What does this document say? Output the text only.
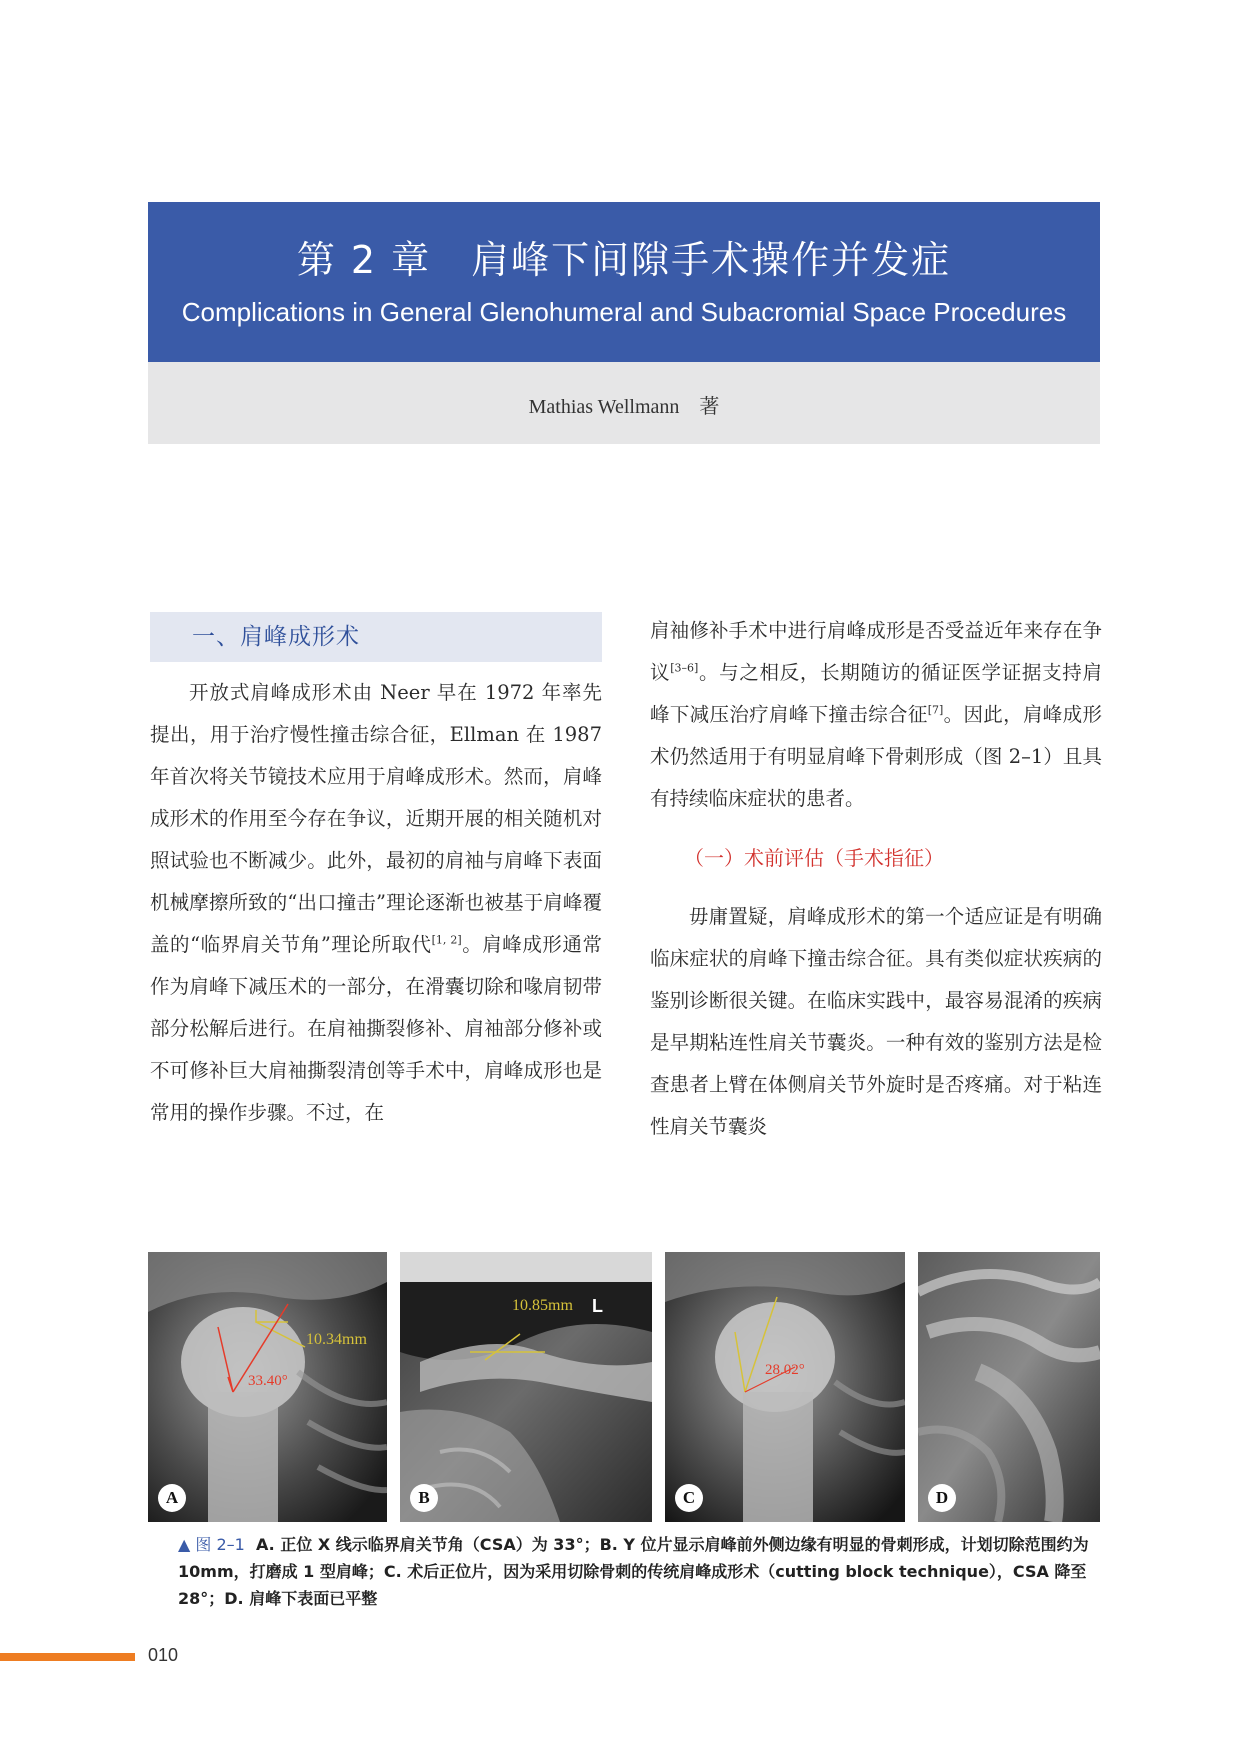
第 2 章　肩峰下间隙手术操作并发症
Complications in General Glenohumeral and Subacromial Space Procedures
Mathias Wellmann 著
一、肩峰成形术

开放式肩峰成形术由 Neer 早在 1972 年率先提出，用于治疗慢性撞击综合征，Ellman 在 1987 年首次将关节镜技术应用于肩峰成形术。然而，肩峰成形术的作用至今存在争议，近期开展的相关随机对照试验也不断减少。此外，最初的肩袖与肩峰下表面机械摩擦所致的“出口撞击”理论逐渐也被基于肩峰覆盖的“临界肩关节角”理论所取代[1, 2]。肩峰成形通常作为肩峰下减压术的一部分，在滑囊切除和喙肩韧带部分松解后进行。在肩袖撕裂修补、肩袖部分修补或不可修补巨大肩袖撕裂清创等手术中，肩峰成形也是常用的操作步骤。不过，在

肩袖修补手术中进行肩峰成形是否受益近年来存在争议[3–6]。与之相反，长期随访的循证医学证据支持肩峰下减压治疗肩峰下撞击综合征[7]。因此，肩峰成形术仍然适用于有明显肩峰下骨刺形成（图 2–1）且具有持续临床症状的患者。

（一）术前评估（手术指征）

毋庸置疑，肩峰成形术的第一个适应证是有明确临床症状的肩峰下撞击综合征。具有类似症状疾病的鉴别诊断很关键。在临床实践中，最容易混淆的疾病是早期粘连性肩关节囊炎。一种有效的鉴别方法是检查患者上臂在体侧肩关节外旋时是否疼痛。对于粘连性肩关节囊炎

10.34mm
33.40°
A
10.85mm L
B
28.02°
C	D
▲ 图 2–1 A. 正位 X 线示临界肩关节角（CSA）为 33°；B. Y 位片显示肩峰前外侧边缘有明显的骨刺形成，计划切除范围约为 10mm，打磨成 1 型肩峰；C. 术后正位片，因为采用切除骨刺的传统肩峰成形术（cutting block technique），CSA 降至 28°；D. 肩峰下表面已平整
010
